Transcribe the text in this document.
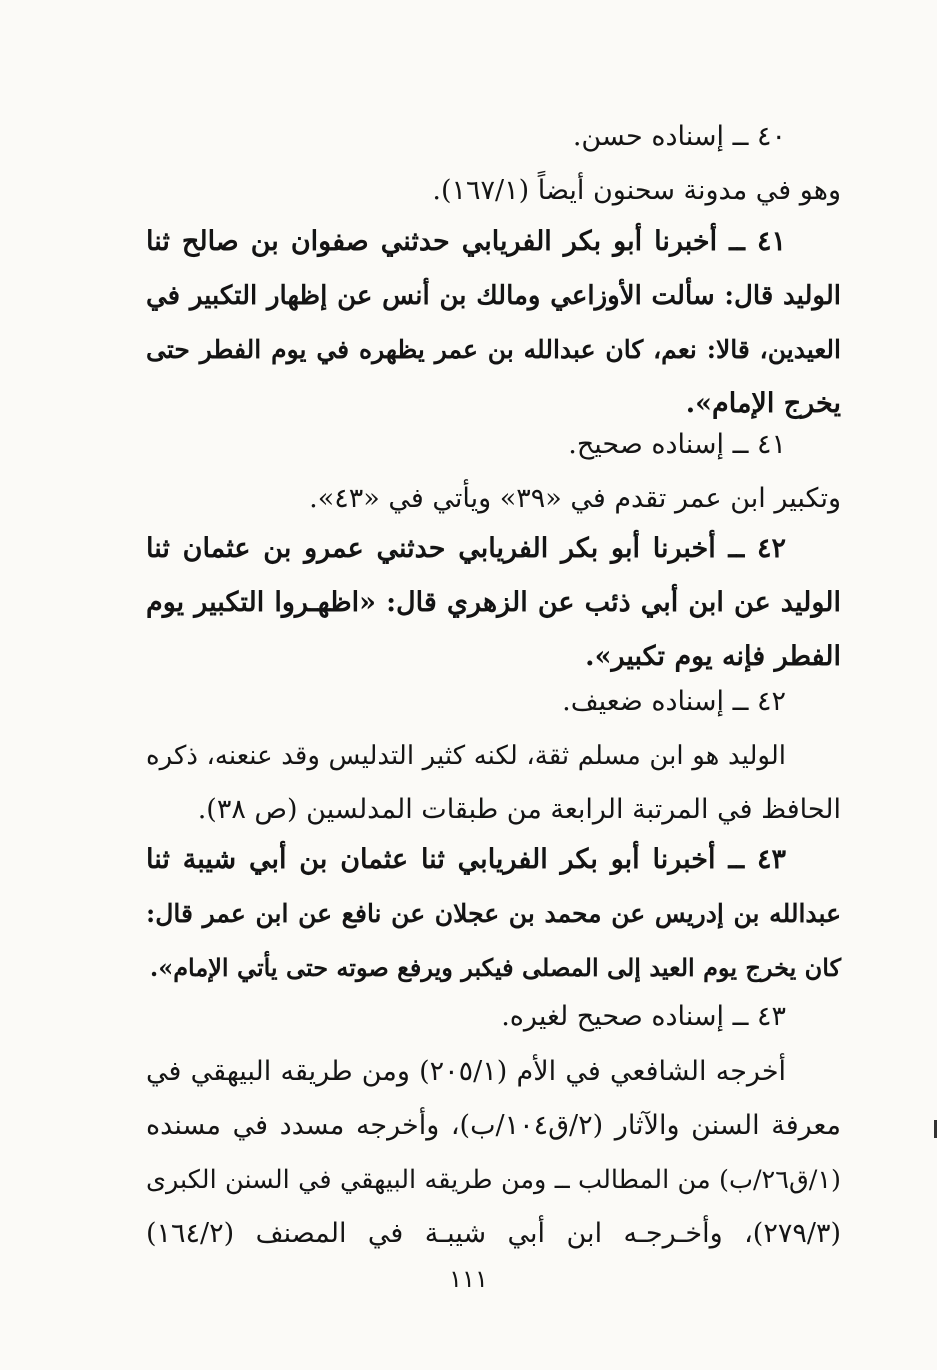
٤٠ ــ إسناده حسن.
وهو في مدونة سحنون أيضاً (١٦٧/١).
٤١ ــ أخبرنا أبو بكر الفريابي حدثني صفوان بن صالح ثنا
الوليد قال: سألت الأوزاعي ومالك بن أنس عن إظهار التكبير في
العيدين، قالا: نعم، كان عبدالله بن عمر يظهره في يوم الفطر حتى
يخرج الإمام».
٤١ ــ إسناده صحيح.
وتكبير ابن عمر تقدم في «٣٩» ويأتي في «٤٣».
٤٢ ــ أخبرنا أبو بكر الفريابي حدثني عمرو بن عثمان ثنا
الوليد عن ابن أبي ذئب عن الزهري قال: «اظهـروا التكبير يوم
الفطر فإنه يوم تكبير».
٤٢ ــ إسناده ضعيف.
الوليد هو ابن مسلم ثقة، لكنه كثير التدليس وقد عنعنه، ذكره
الحافظ في المرتبة الرابعة من طبقات المدلسين (ص ٣٨).
٤٣ ــ أخبرنا أبو بكر الفريابي ثنا عثمان بن أبي شيبة ثنا
عبدالله بن إدريس عن محمد بن عجلان عن نافع عن ابن عمر قال:
كان يخرج يوم العيد إلى المصلى فيكبر ويرفع صوته حتى يأتي الإمام».
٤٣ ــ إسناده صحيح لغيره.
أخرجه الشافعي في الأم (٢٠٥/١) ومن طريقه البيهقي في
معرفة السنن والآثار (٢/ق١٠٤/ب)، وأخرجه مسدد في مسنده
(١/ق٢٦/ب) من المطالب ــ ومن طريقه البيهقي في السنن الكبرى
(٢٧٩/٣)، وأخـرجـه ابن أبي شيبـة في المصنف (١٦٤/٢)
١١١
